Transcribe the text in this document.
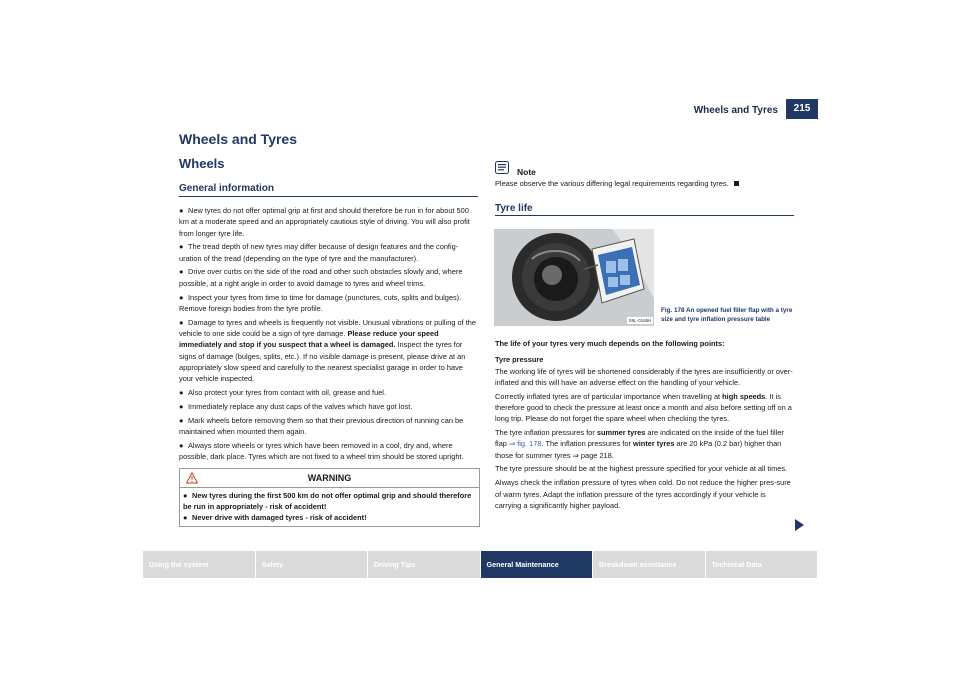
Wheels and Tyres	215
Wheels and Tyres
Wheels
General information

● New tyres do not offer optimal grip at first and should therefore be run in for about 500 km at a moderate speed and an appropriately cautious style of driving. You will also profit from longer tyre life.

● The tread depth of new tyres may differ because of design features and the config-uration of the tread (depending on the type of tyre and the manufacturer).

● Drive over curbs on the side of the road and other such obstacles slowly and, where possible, at a right angle in order to avoid damage to tyres and wheel trims.

● Inspect your tyres from time to time for damage (punctures, cuts, splits and bulges). Remove foreign bodies from the tyre profile.

● Damage to tyres and wheels is frequently not visible. Unusual vibrations or pulling of the vehicle to one side could be a sign of tyre damage. Please reduce your speed immediately and stop if you suspect that a wheel is damaged. Inspect the tyres for signs of damage (bulges, splits, etc.). If no visible damage is present, please drive at an appropriately slow speed and carefully to the nearest specialist garage in order to have your vehicle inspected.

● Also protect your tyres from contact with oil, grease and fuel.

● Immediately replace any dust caps of the valves which have got lost.

● Mark wheels before removing them so that their previous direction of running can be maintained when mounted them again.

● Always store wheels or tyres which have been removed in a cool, dry and, where possible, dark place. Tyres which are not fixed to a wheel trim should be stored upright.

WARNING
● New tyres during the first 500 km do not offer optimal grip and should therefore be run in appropriately - risk of accident!
● Never drive with damaged tyres - risk of accident!
Note
Please observe the various differing legal requirements regarding tyres.
Tyre life
S6L-0168H
Fig. 178 An opened fuel filler flap with a tyre size and tyre inflation pressure table

The life of your tyres very much depends on the following points:

Tyre pressure

The working life of tyres will be shortened considerably if the tyres are insufficiently or over-inflated and this will have an adverse effect on the handling of your vehicle.

Correctly inflated tyres are of particular importance when travelling at high speeds. It is therefore good to check the pressure at least once a month and also before setting off on a long trip. Please do not forget the spare wheel when checking the tyres.

The tyre inflation pressures for summer tyres are indicated on the inside of the fuel filler flap ⇒ fig. 178. The inflation pressures for winter tyres are 20 kPa (0.2 bar) higher than those for summer tyres ⇒ page 218.

The tyre pressure should be at the highest pressure specified for your vehicle at all times.

Always check the inflation pressure of tyres when cold. Do not reduce the higher pres-sure of warm tyres. Adapt the inflation pressure of the tyres accordingly if your vehicle is carrying a significantly higher payload.

Using the system	Safety	Driving Tips	General Maintenance	Breakdown assistance	Technical Data
